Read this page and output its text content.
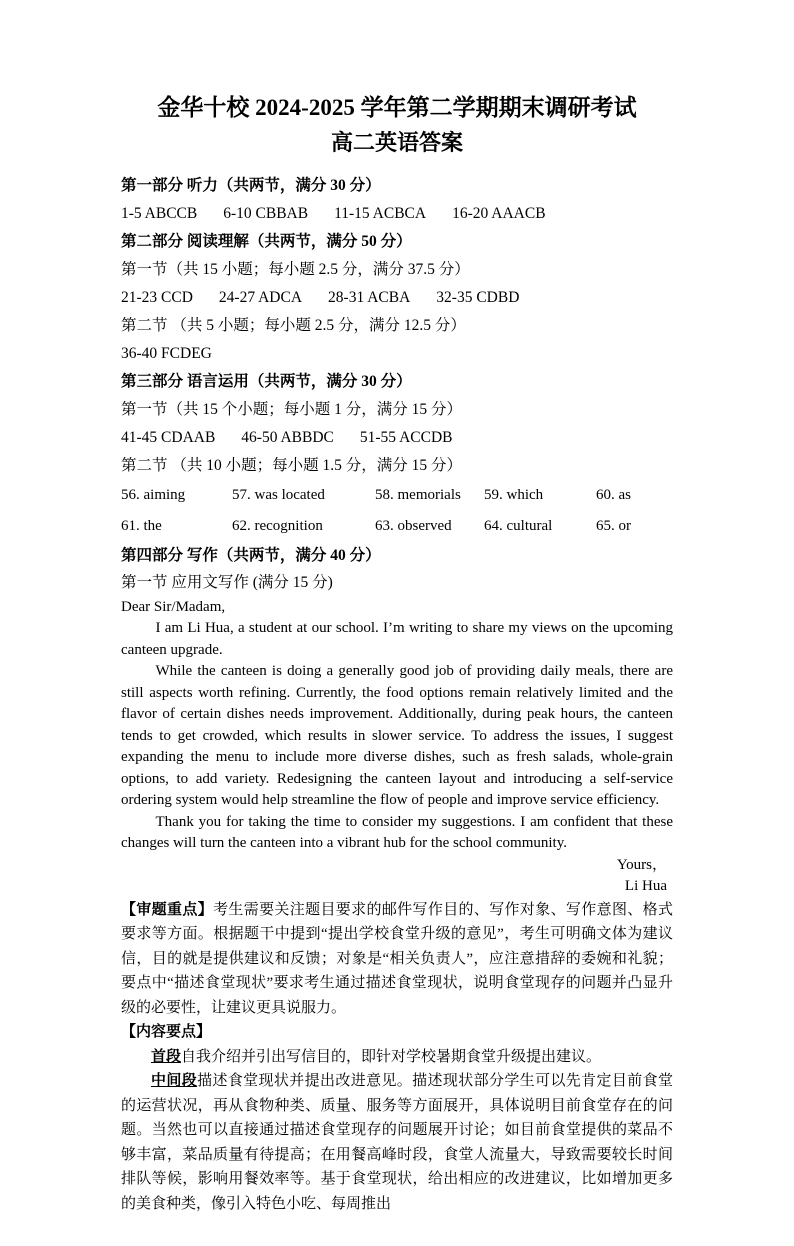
金华十校 2024-2025 学年第二学期期末调研考试
高二英语答案
第一部分 听力（共两节，满分 30 分）
1-5 ABCCB 6-10 CBBAB 11-15 ACBCA 16-20 AAACB
第二部分 阅读理解（共两节，满分 50 分）
第一节（共 15 小题；每小题 2.5 分，满分 37.5 分）
21-23 CCD 24-27 ADCA 28-31 ACBA 32-35 CDBD
第二节 （共 5 小题；每小题 2.5 分，满分 12.5 分）
36-40 FCDEG
第三部分 语言运用（共两节，满分 30 分）
第一节（共 15 个小题；每小题 1 分，满分 15 分）
41-45 CDAAB 46-50 ABBDC 51-55 ACCDB
第二节 （共 10 小题；每小题 1.5 分，满分 15 分）
56. aiming	57. was located	58. memorials	59. which	60. as
61. the	62. recognition	63. observed	64. cultural	65. or
第四部分 写作（共两节，满分 40 分）
第一节 应用文写作 (满分 15 分)

Dear Sir/Madam,

I am Li Hua, a student at our school. I’m writing to share my views on the upcoming canteen upgrade.

While the canteen is doing a generally good job of providing daily meals, there are still aspects worth refining. Currently, the food options remain relatively limited and the flavor of certain dishes needs improvement. Additionally, during peak hours, the canteen tends to get crowded, which results in slower service. To address the issues, I suggest expanding the menu to include more diverse dishes, such as fresh salads, whole-grain options, to add variety. Redesigning the canteen layout and introducing a self-service ordering system would help streamline the flow of people and improve service efficiency.

Thank you for taking the time to consider my suggestions. I am confident that these changes will turn the canteen into a vibrant hub for the school community.

Yours，

Li Hua

【审题重点】考生需要关注题目要求的邮件写作目的、写作对象、写作意图、格式要求等方面。根据题干中提到“提出学校食堂升级的意见”，考生可明确文体为建议信，目的就是提供建议和反馈；对象是“相关负责人”，应注意措辞的委婉和礼貌；要点中“描述食堂现状”要求考生通过描述食堂现状，说明食堂现存的问题并凸显升级的必要性，让建议更具说服力。

【内容要点】

首段自我介绍并引出写信目的，即针对学校暑期食堂升级提出建议。

中间段描述食堂现状并提出改进意见。描述现状部分学生可以先肯定目前食堂的运营状况，再从食物种类、质量、服务等方面展开，具体说明目前食堂存在的问题。当然也可以直接通过描述食堂现存的问题展开讨论；如目前食堂提供的菜品不够丰富，菜品质量有待提高；在用餐高峰时段，食堂人流量大，导致需要较长时间排队等候，影响用餐效率等。基于食堂现状，给出相应的改进建议，比如增加更多的美食种类，像引入特色小吃、每周推出
